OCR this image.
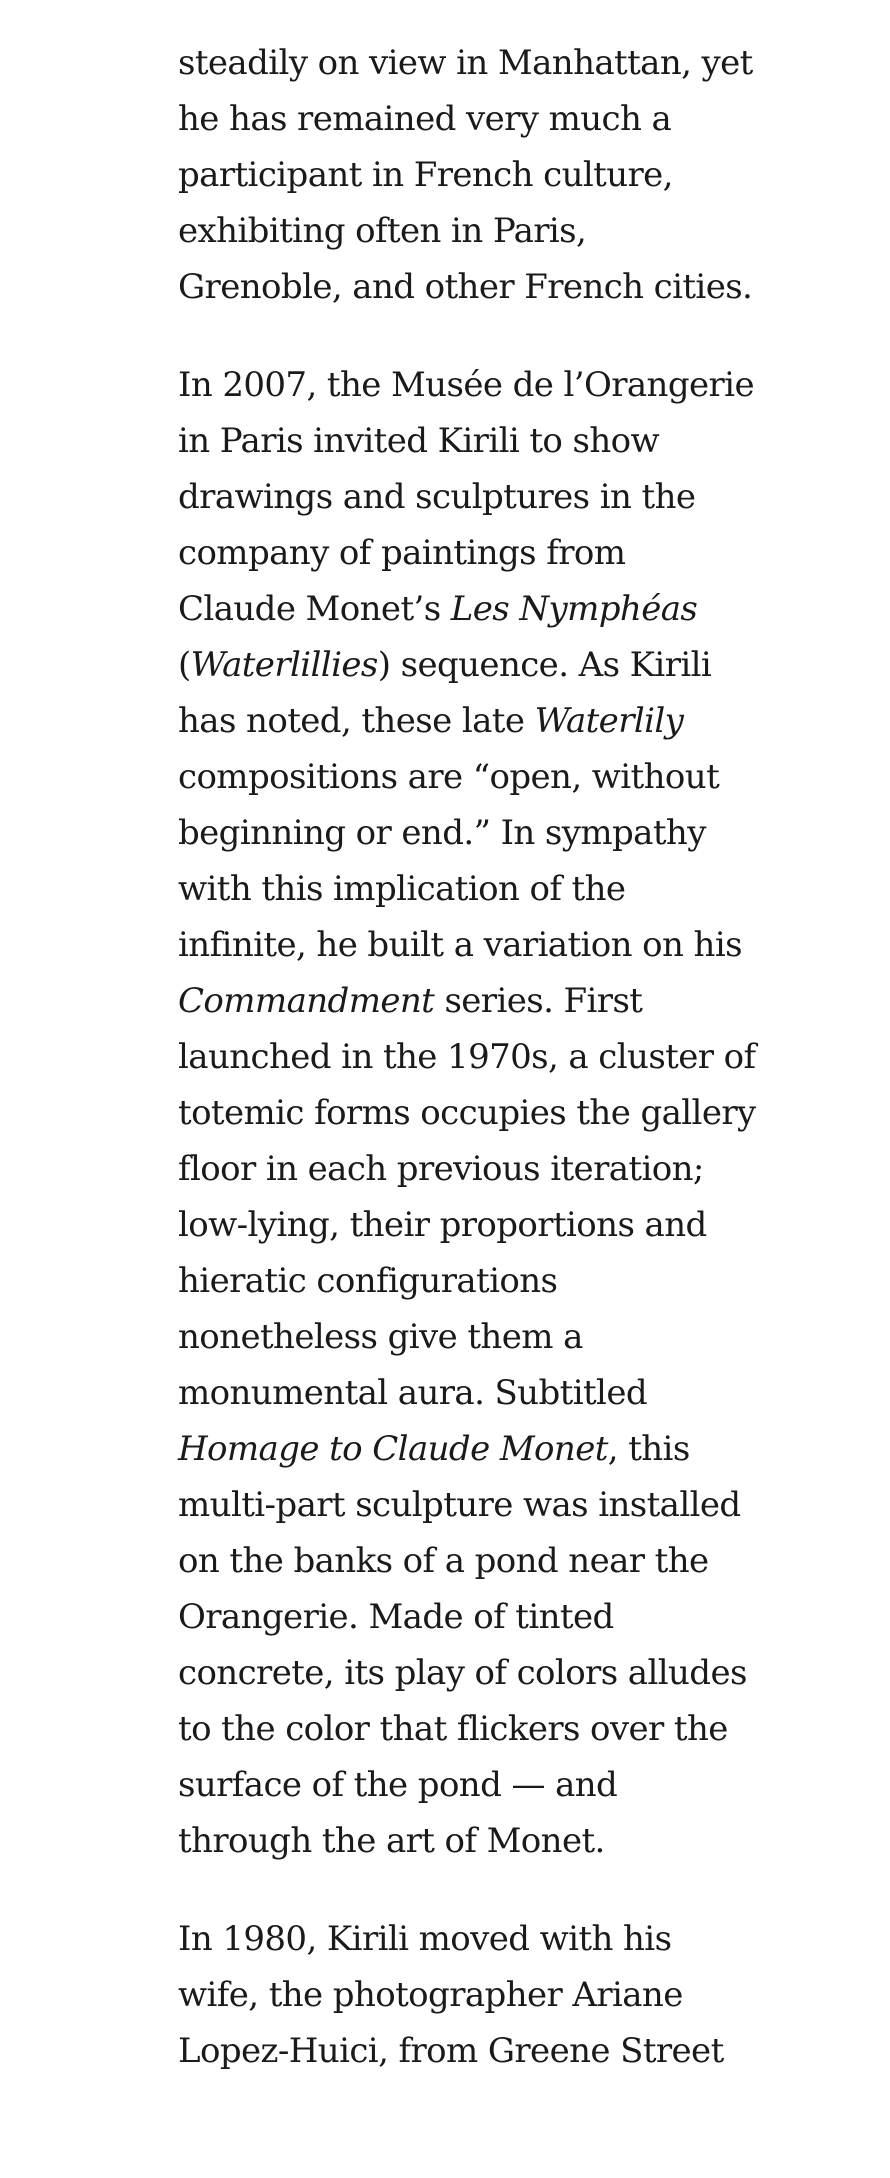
steadily on view in Manhattan, yet
he has remained very much a
participant in French culture,
exhibiting often in Paris,
Grenoble, and other French cities.

In 2007, the Musée de l’Orangerie
in Paris invited Kirili to show
drawings and sculptures in the
company of paintings from
Claude Monet’s Les Nymphéas
(Waterlillies) sequence. As Kirili
has noted, these late Waterlily
compositions are “open, without
beginning or end.” In sympathy
with this implication of the
infinite, he built a variation on his
Commandment series. First
launched in the 1970s, a cluster of
totemic forms occupies the gallery
floor in each previous iteration;
low-lying, their proportions and
hieratic configurations
nonetheless give them a
monumental aura. Subtitled
Homage to Claude Monet, this
multi-part sculpture was installed
on the banks of a pond near the
Orangerie. Made of tinted
concrete, its play of colors alludes
to the color that flickers over the
surface of the pond — and
through the art of Monet.

In 1980, Kirili moved with his
wife, the photographer Ariane
Lopez-Huici, from Greene Street
